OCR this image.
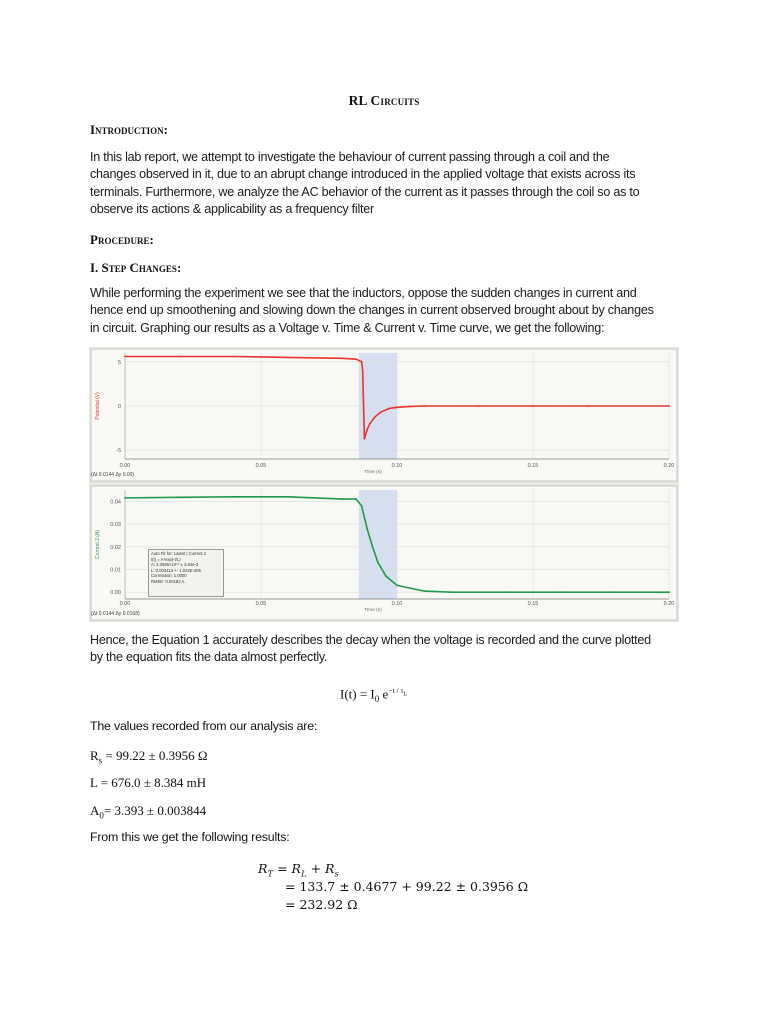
RL Circuits
Introduction:
In this lab report, we attempt to investigate the behaviour of current passing through a coil and the
changes observed in it, due to an abrupt change introduced in the applied voltage that exists across its
terminals. Furthermore, we analyze the AC behavior of the current as it passes through the coil so as to
observe its actions & applicability as a frequency filter
Procedure:
I. Step Changes:
While performing the experiment we see that the inductors, oppose the sudden changes in current and
hence end up smoothening and slowing down the changes in current observed brought about by changes
in circuit. Graphing our results as a Voltage v. Time & Current v. Time curve, we get the following:
5
0
-5
0.00	0.05	0.10	0.15	0.20
Time (s)
Potential (V)
(Δt 0.0144 Δy 0.00)
0.04
0.03
0.02
0.01
0.00
0.00	0.05	0.10	0.15	0.20
Time (s)
Current 2 (A)
(Δt 0.0144 Δy 0.0168)
Auto Fit for: Latest | Current 2
I(t) = A*exp(-t/L)
A: 3.3936×10⁰⁰ ± 3.84e-3
L: 0.003413 +- 1.022E-005
Correlation: 1.0000
RMSE: 0.00183 A
Hence, the Equation 1 accurately describes the decay when the voltage is recorded and the curve plotted
by the equation fits the data almost perfectly.
$I(t) = I_0$ $e^{-t / \tau_L}$
The values recorded from our analysis are:
$R_s = 99.22 \pm 0.3956$ Ω
L = 676.0 ± 8.384 mH
$A_0= 3.393 \pm 0.003844$
From this we get the following results:
$R_T = R_L + R_s$
= 133.7 ± 0.4677 + 99.22 ± 0.3956 Ω
= 232.92 Ω
